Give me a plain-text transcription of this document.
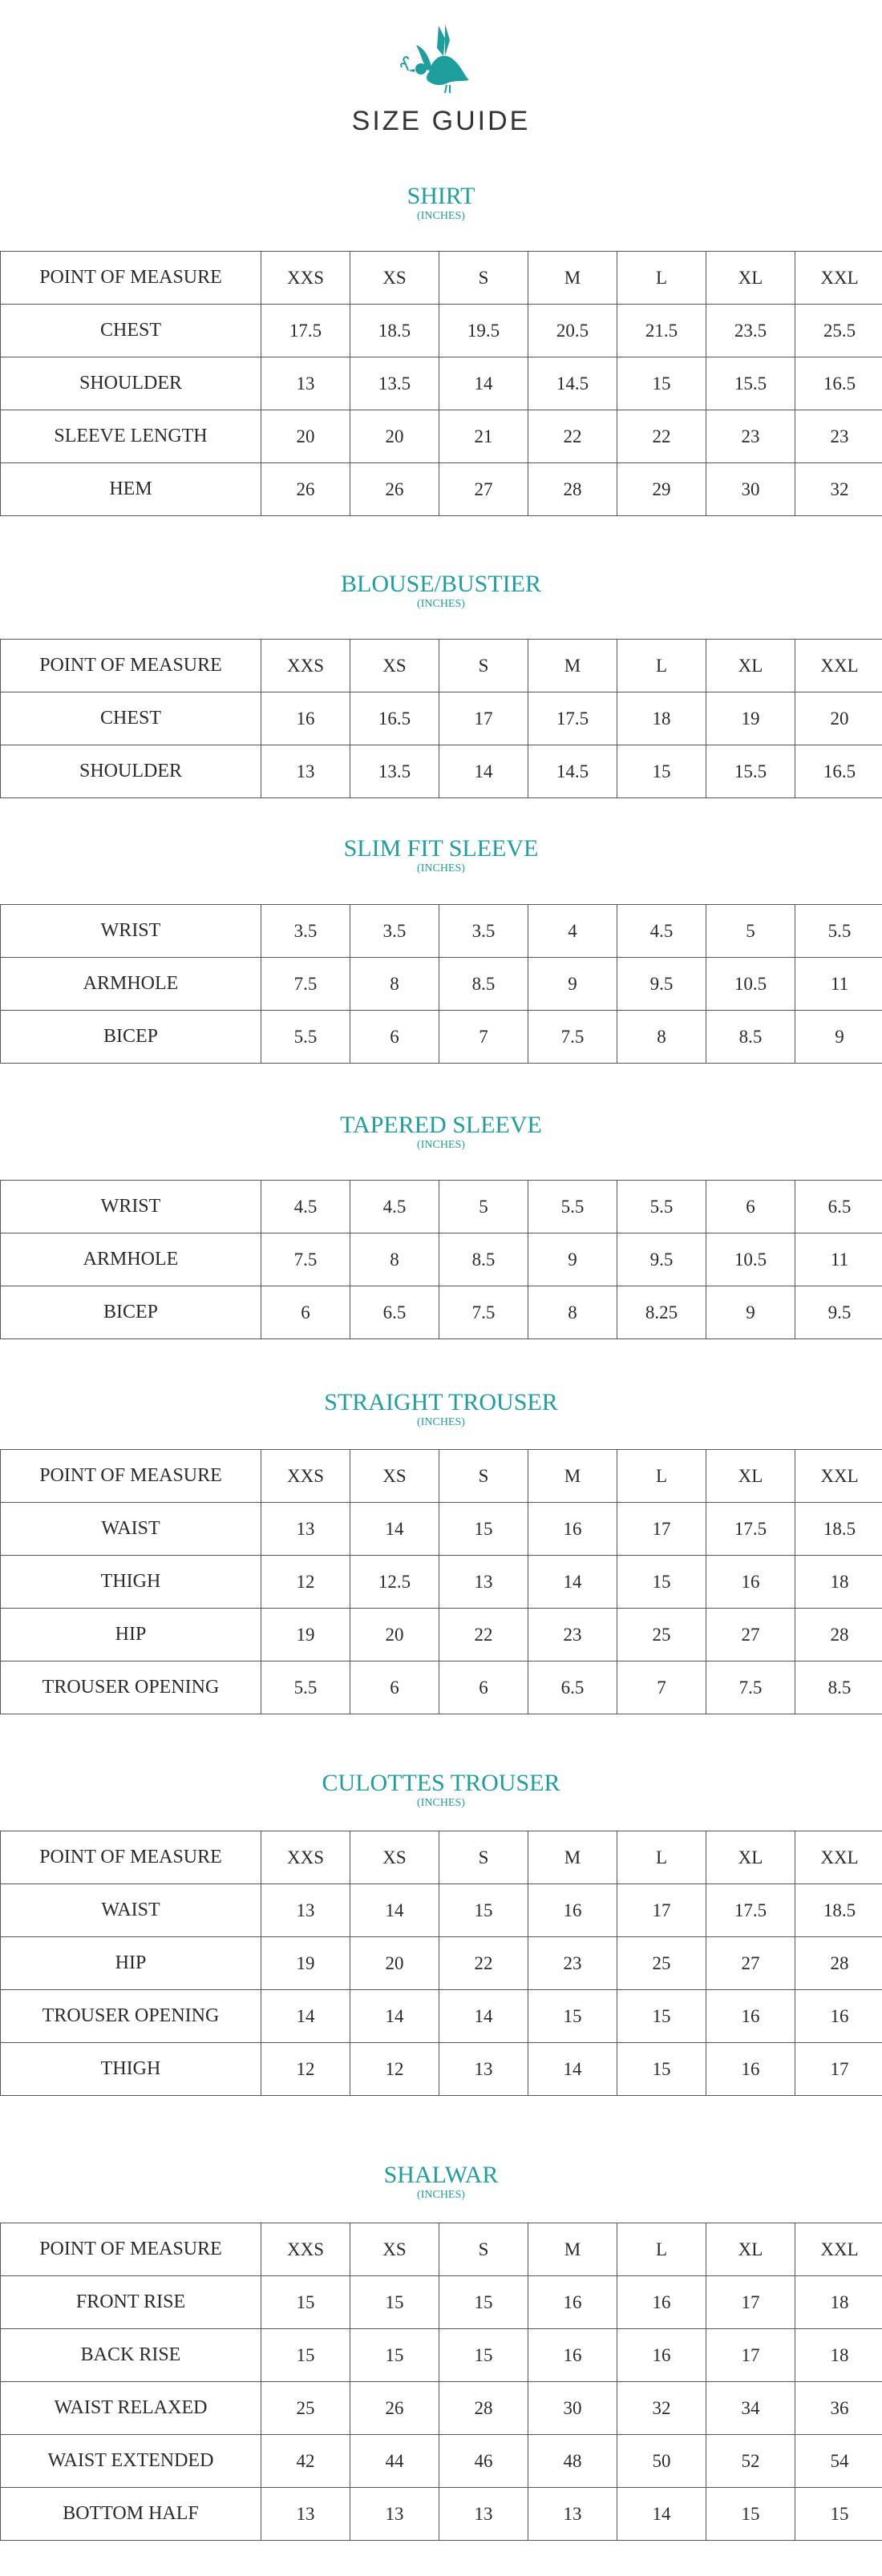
SIZE GUIDE
SHIRT
(INCHES)
POINT OF MEASURE	XXS	XS	S	M	L	XL	XXL
CHEST	17.5	18.5	19.5	20.5	21.5	23.5	25.5
SHOULDER	13	13.5	14	14.5	15	15.5	16.5
SLEEVE LENGTH	20	20	21	22	22	23	23
HEM	26	26	27	28	29	30	32
BLOUSE/BUSTIER
(INCHES)
POINT OF MEASURE	XXS	XS	S	M	L	XL	XXL
CHEST	16	16.5	17	17.5	18	19	20
SHOULDER	13	13.5	14	14.5	15	15.5	16.5
SLIM FIT SLEEVE
(INCHES)
WRIST	3.5	3.5	3.5	4	4.5	5	5.5
ARMHOLE	7.5	8	8.5	9	9.5	10.5	11
BICEP	5.5	6	7	7.5	8	8.5	9
TAPERED SLEEVE
(INCHES)
WRIST	4.5	4.5	5	5.5	5.5	6	6.5
ARMHOLE	7.5	8	8.5	9	9.5	10.5	11
BICEP	6	6.5	7.5	8	8.25	9	9.5
STRAIGHT TROUSER
(INCHES)
POINT OF MEASURE	XXS	XS	S	M	L	XL	XXL
WAIST	13	14	15	16	17	17.5	18.5
THIGH	12	12.5	13	14	15	16	18
HIP	19	20	22	23	25	27	28
TROUSER OPENING	5.5	6	6	6.5	7	7.5	8.5
CULOTTES TROUSER
(INCHES)
POINT OF MEASURE	XXS	XS	S	M	L	XL	XXL
WAIST	13	14	15	16	17	17.5	18.5
HIP	19	20	22	23	25	27	28
TROUSER OPENING	14	14	14	15	15	16	16
THIGH	12	12	13	14	15	16	17
SHALWAR
(INCHES)
POINT OF MEASURE	XXS	XS	S	M	L	XL	XXL
FRONT RISE	15	15	15	16	16	17	18
BACK RISE	15	15	15	16	16	17	18
WAIST RELAXED	25	26	28	30	32	34	36
WAIST EXTENDED	42	44	46	48	50	52	54
BOTTOM HALF	13	13	13	13	14	15	15
